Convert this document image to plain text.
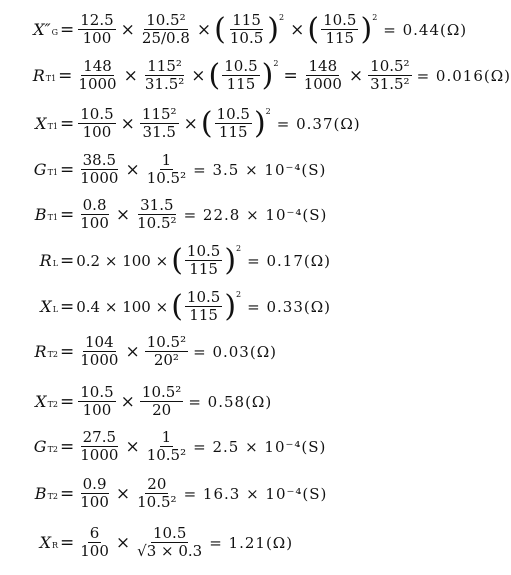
X″ $G = \frac{12.5}{100} \times \frac{\text{10.5²}}{25/0.8}$ × ( $\frac{115}{10.5}$ ) 2
× ( $\frac{10.5}{115}$ ) 2
= 0.44(Ω)
R $T1 = \frac{148}{1000} \times \frac{\text{115²}}{\text{31.5²}}$ × ( $\frac{10.5}{115}$ ) 2
= $\frac{148}{1000} \times \frac{\text{10.5²}}{\text{31.5²}} = 0.016(\Omega)$
X $T1 = \frac{10.5}{100} \times \frac{\text{115²}}{31.5}$ × ( $\frac{10.5}{115}$ ) 2
= 0.37(Ω)
G $T1 = \frac{38.5}{1000} \times \frac{1}{\text{10.5²}} = 3.5 \times 10^{-4}(S)$
B $T1 = \frac{0.8}{100} \times \frac{31.5}{\text{10.5²}} = 22.8 \times 10^{-4}(S)$
R L = 0.2 × 100 × ( $\frac{10.5}{115}$ ) 2
= 0.17(Ω)
X L = 0.4 × 100 × ( $\frac{10.5}{115}$ ) 2
= 0.33(Ω)
R $T2 = \frac{104}{1000} \times \frac{\text{10.5²}}{\text{20²}} = 0.03(\Omega)$
X $T2 = \frac{10.5}{100} \times \frac{\text{10.5²}}{20} = 0.58(\Omega)$
G $T2 = \frac{27.5}{1000} \times \frac{1}{\text{10.5²}} = 2.5 \times 10^{-4}(S)$
B $T2 = \frac{0.9}{100} \times \frac{20}{\text{10.5²}} = 16.3 \times 10^{-4}(S)$
X $R = \frac{6}{100} \times \frac{10.5}{√3 \times 0.3} = 1.21(\Omega)$
